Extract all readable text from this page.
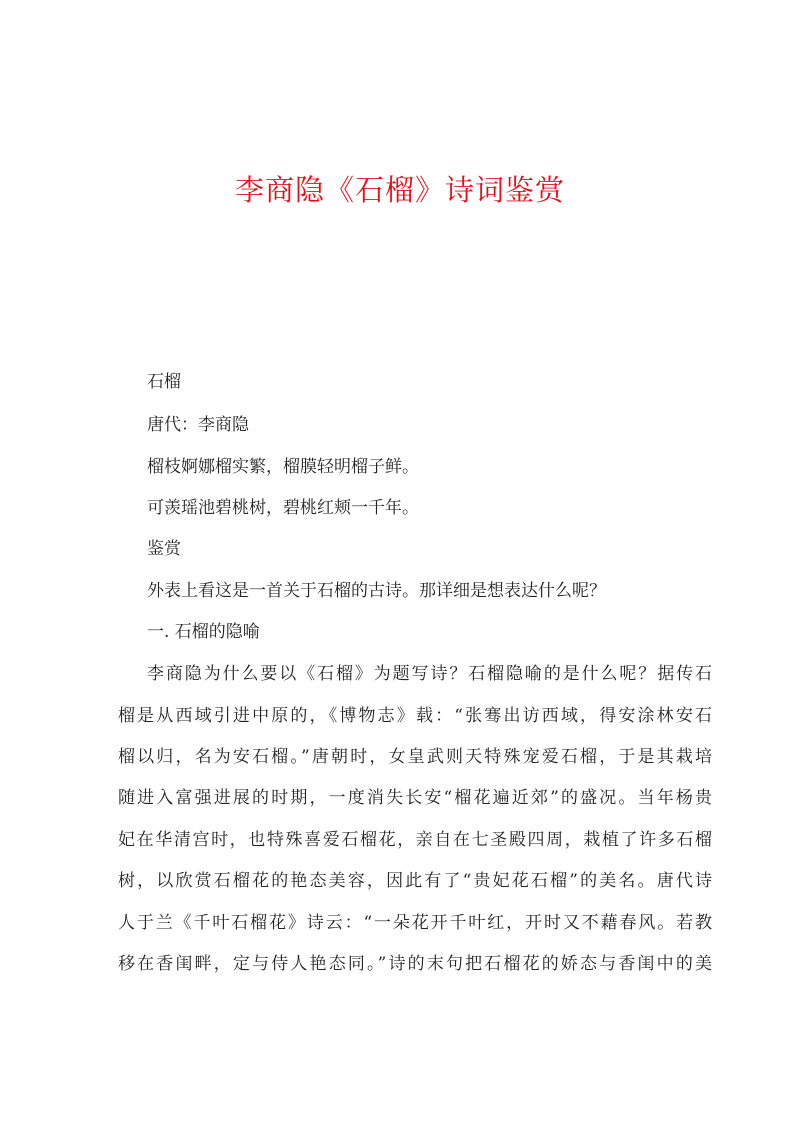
李商隐《石榴》诗词鉴赏
石榴
唐代：李商隐
榴枝婀娜榴实繁，榴膜轻明榴子鲜。
可羡瑶池碧桃树，碧桃红颊一千年。
鉴赏
外表上看这是一首关于石榴的古诗。那详细是想表达什么呢？
一. 石榴的隐喻
李商隐为什么要以《石榴》为题写诗？石榴隐喻的是什么呢？据传石
榴是从西域引进中原的，《博物志》载：“张骞出访西域，得安涂林安石
榴以归，名为安石榴。”唐朝时，女皇武则天特殊宠爱石榴，于是其栽培
随进入富强进展的时期，一度消失长安“榴花遍近郊”的盛况。当年杨贵
妃在华清宫时，也特殊喜爱石榴花，亲自在七圣殿四周，栽植了许多石榴
树，以欣赏石榴花的艳态美容，因此有了“贵妃花石榴”的美名。唐代诗
人于兰《千叶石榴花》诗云：“一朵花开千叶红，开时又不藉春风。若教
移在香闺畔，定与侍人艳态同。”诗的末句把石榴花的娇态与香闺中的美
